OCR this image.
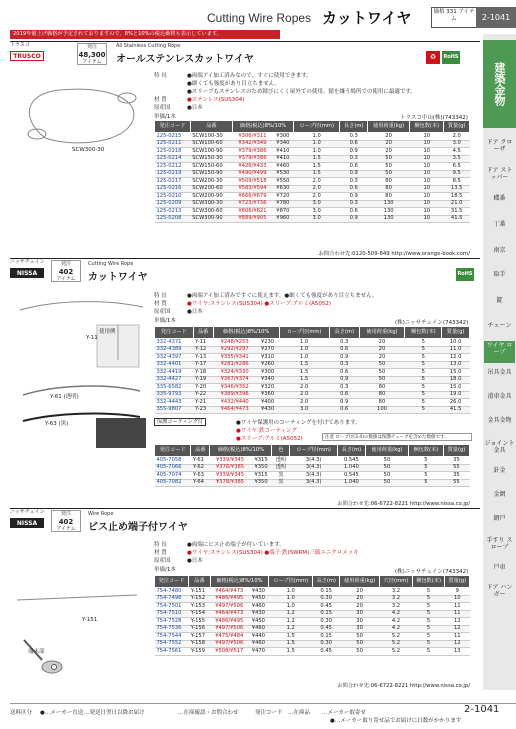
Cutting Wire Ropes カットワイヤ	価格 331 アイテム	2-1041
2019年値上げ価格が予定されておりますので、8%と10%の税込価格も表示しています。
建築金物
ドア クローザ
ドア ストッパー
蝶番
丁番
南京
取手
錠
チェーン
ワイヤ ロープ
吊具金具
滑車金具
金具金物
ジョイント 金具
針金
金網
網戸
手すり スロープ
戸車
ドア ハンガー
トラスコ
TRUSCO
発注
48,300
アイテム
All Stainless Cutting Rope
オールステンレスカットワイヤ	♻	RoHS
特 長	●両端アイ加工済みなので、すぐに使用できます。
●細くても強度があり目立ちません。
●スリーブもステンレスのため錆びにくく屋外での使用、錆を嫌う場所での使用に最適です。
材 質	●ステンレス(SUS304)
原産国	●日本
SCW300-30
単価/1本	トラスコ中山(株)(743342)
発注コード	品番	価格(税込)8%/10%		ロープ径(mm)	長さ(m)	使用荷重(kg)	梱包数(本)	質量(g)
125-0215	SCW100-30	¥306/¥311	¥300	1.0	0.3	20	10	2.0
125-0211	SCW100-60	¥342/¥349	¥340	1.0	0.6	20	10	3.0
125-0218	SCW100-90	¥379/¥386	¥410	1.0	0.9	20	10	4.5
125-0214	SCW150-30	¥379/¥386	¥410	1.5	0.3	50	10	3.5
125-0212	SCW150-60	¥426/¥433	¥460	1.5	0.6	50	10	6.5
125-0219	SCW150-90	¥490/¥499	¥530	1.5	0.9	50	10	9.5
125-0217	SCW200-30	¥509/¥518	¥550	2.0	0.3	80	10	8.5
125-0216	SCW200-60	¥583/¥594	¥630	2.0	0.6	80	10	13.5
125-0210	SCW200-90	¥666/¥679	¥720	2.0	0.9	80	10	18.5
125-0209	SCW300-30	¥723/¥736	¥780	3.0	0.3	130	10	21.0
125-0213	SCW300-60	¥806/¥821	¥870	3.0	0.6	130	10	31.5
125-0208	SCW300-90	¥889/¥905	¥960	3.0	0.9	130	10	41.5
お問合わせ先:0120-509-849 http://www.orange-book.com/
ニッサチェイン
NISSA
発注
402
アイテム
Cutting Wire Rope
カットワイヤ	RoHS
特 長	●両端アイ加工済みですぐに使えます。●細くても強度があり目立ちません。
材 質	●ワイヤ:ステンレス(SUS304) ●スリーブ:アルミ(A5052)
原産国	●日本
Y-11
Y-61 (透明)
Y-63 (黒)
使用例
単価/1本	(株)ニッサチェイン(743342)
発注コード	品番	価格(税込)8%/10%		ロープ径(mm)	長さ(m)	使用荷重(kg)	梱包数(本)	質量(g)
332-4371	Y-11	¥248/¥253	¥230	1.0	0.3	20	5	10.0
332-4389	Y-12	¥292/¥297	¥270	1.0	0.6	20	5	11.0
332-4397	Y-13	¥335/¥341	¥310	1.0	0.9	20	5	12.0
332-4401	Y-17	¥281/¥286	¥260	1.5	0.3	50	5	13.0
332-4419	Y-18	¥324/¥330	¥300	1.5	0.6	50	5	15.0
332-4427	Y-19	¥367/¥374	¥340	1.5	0.9	50	5	18.0
335-6582	Y-20	¥346/¥352	¥320	2.0	0.3	80	5	15.0
335-9793	Y-22	¥389/¥396	¥360	2.0	0.6	80	5	19.0
332-4443	Y-21	¥432/¥440	¥400	2.0	0.9	80	5	26.0
355-9807	Y-23	¥464/¥473	¥430	3.0	0.6	100	5	41.5
保護コーティング付	●ワイヤ保護用のコーティングを付けてあります。
●ワイヤ:鉄コーティング
●スリーブ:アルミ(A5052)	注意 ロープ径(3.4)の数値は保護チューブを含めた数値です。
発注コード	品番	価格(税込)8%/10%		色	ロープ径(mm)	長さ(m)	使用荷重(kg)	梱包数(本)	質量(g)
405-7058	Y-61	¥339/¥345	¥315	透明	3(4.3)	0.545	50	5	35
405-7066	Y-62	¥378/¥385	¥350	透明	3(4.3)	1.040	50	5	55
405-7074	Y-63	¥339/¥345	¥315	黒	3(4.3)	0.545	50	5	35
405-7082	Y-64	¥378/¥385	¥350	黒	3(4.3)	1.040	50	5	55
お問合わせ先:06-6722-8221 http://www.nissa.co.jp/
ニッサチェイン
NISSA
発注
402
アイテム
Wire Rope
ビス止め端子付ワイヤ
特 長	●両端にビス止め端子が付いています。
材 質	●ワイヤ:ステンレス(SUS304) ●端子:鉄(SWRM)三価ユニクロメッキ
原産国	●日本
Y-151
端末部
単価/1本	(株)ニッサチェイン(743342)
発注コード	品番	価格(税込)8%/10%		ロープ径(mm)	長さ(m)	使用荷重(kg)	穴径(mm)	梱包数(本)	質量(g)
754-7480	Y-151	¥464/¥473	¥430	1.0	0.15	20	3.2	5	9
754-7498	Y-152	¥486/¥495	¥450	1.0	0.30	20	3.2	5	10
754-7501	Y-153	¥497/¥506	¥460	1.0	0.45	20	3.2	5	11
754-7510	Y-154	¥464/¥473	¥430	1.2	0.15	30	4.2	5	11
754-7528	Y-155	¥486/¥495	¥450	1.2	0.30	30	4.2	5	12
754-7536	Y-156	¥497/¥506	¥460	1.2	0.45	30	4.2	5	12
754-7544	Y-157	¥475/¥484	¥440	1.5	0.15	50	5.2	5	11
754-7552	Y-158	¥497/¥506	¥460	1.5	0.30	50	5.2	5	12
754-7561	Y-159	¥508/¥517	¥470	1.5	0.45	50	5.2	5	13
お問合わせ先:06-6722-8221 http://www.nissa.co.jp/
送料区分 ●…メーカー直送 …発送日翌日以降お届け	…在庫確認・お問合わせ	発注コード …在庫品 …メーカー取寄せ
●…メーカー取り寄せ品でお届けに日数がかかります
2-1041
